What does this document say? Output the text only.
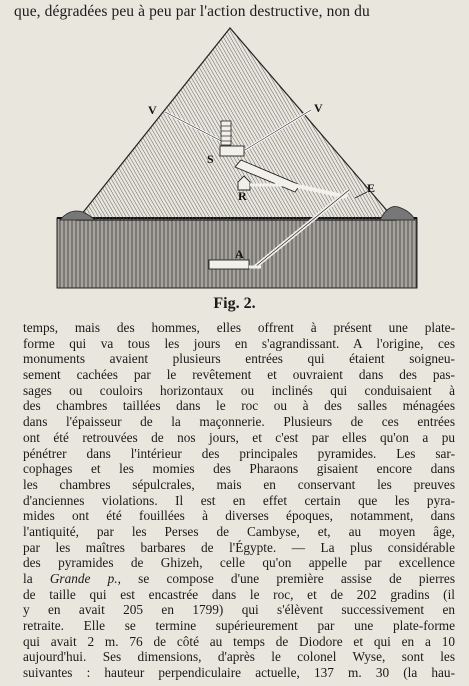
que, dégradées peu à peu par l'action destructive, non du
V	V
S
R
E
A
Fig. 2.
temps, mais des hommes, elles offrent à présent une plate-
forme qui va tous les jours en s'agrandissant. A l'origine, ces
monuments avaient plusieurs entrées qui étaient soigneu-
sement cachées par le revêtement et ouvraient dans des pas-
sages ou couloirs horizontaux ou inclinés qui conduisaient à
des chambres taillées dans le roc ou à des salles ménagées
dans l'épaisseur de la maçonnerie. Plusieurs de ces entrées
ont été retrouvées de nos jours, et c'est par elles qu'on a pu
pénétrer dans l'intérieur des principales pyramides. Les sar-
cophages et les momies des Pharaons gisaient encore dans
les chambres sépulcrales, mais en conservant les preuves
d'anciennes violations. Il est en effet certain que les pyra-
mides ont été fouillées à diverses époques, notamment, dans
l'antiquité, par les Perses de Cambyse, et, au moyen âge,
par les maîtres barbares de l'Égypte. — La plus considérable
des pyramides de Ghizeh, celle qu'on appelle par excellence
la Grande p., se compose d'une première assise de pierres
de taille qui est encastrée dans le roc, et de 202 gradins (il
y en avait 205 en 1799) qui s'élèvent successivement en
retraite. Elle se termine supérieurement par une plate-forme
qui avait 2 m. 76 de côté au temps de Diodore et qui en a 10
aujourd'hui. Ses dimensions, d'après le colonel Wyse, sont les
suivantes : hauteur perpendiculaire actuelle, 137 m. 30 (la hau-
